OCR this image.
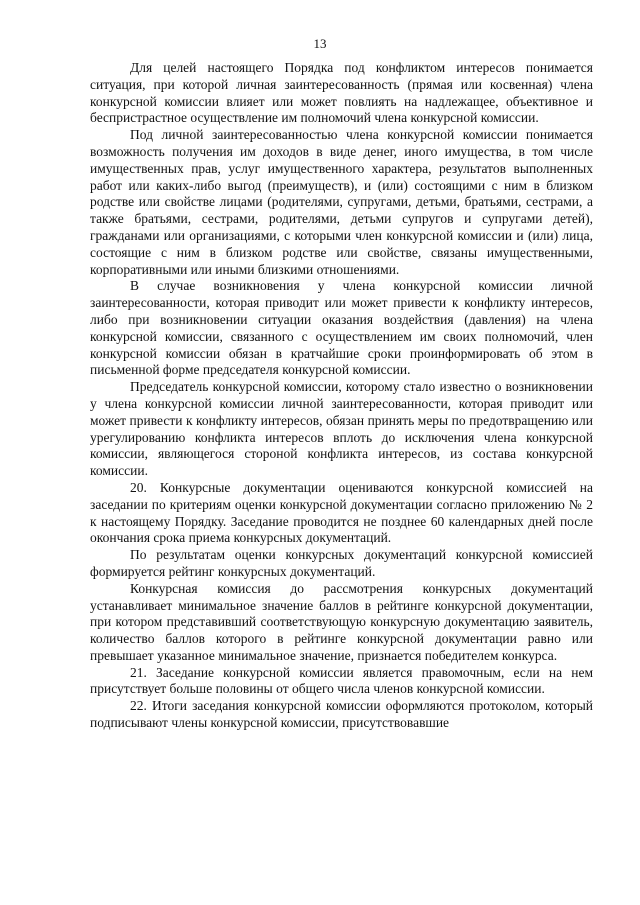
13

Для целей настоящего Порядка под конфликтом интересов понимается ситуация, при которой личная заинтересованность (прямая или косвенная) члена конкурсной комиссии влияет или может повлиять на надлежащее, объективное и беспристрастное осуществление им полномочий члена конкурсной комиссии.

Под личной заинтересованностью члена конкурсной комиссии понимается возможность получения им доходов в виде денег, иного имущества, в том числе имущественных прав, услуг имущественного характера, результатов выполненных работ или каких-либо выгод (преимуществ), и (или) состоящими с ним в близком родстве или свойстве лицами (родителями, супругами, детьми, братьями, сестрами, а также братьями, сестрами, родителями, детьми супругов и супругами детей), гражданами или организациями, с которыми член конкурсной комиссии и (или) лица, состоящие с ним в близком родстве или свойстве, связаны имущественными, корпоративными или иными близкими отношениями.

В случае возникновения у члена конкурсной комиссии личной заинтересованности, которая приводит или может привести к конфликту интересов, либо при возникновении ситуации оказания воздействия (давления) на члена конкурсной комиссии, связанного с осуществлением им своих полномочий, член конкурсной комиссии обязан в кратчайшие сроки проинформировать об этом в письменной форме председателя конкурсной комиссии.

Председатель конкурсной комиссии, которому стало известно о возникновении у члена конкурсной комиссии личной заинтересованности, которая приводит или может привести к конфликту интересов, обязан принять меры по предотвращению или урегулированию конфликта интересов вплоть до исключения члена конкурсной комиссии, являющегося стороной конфликта интересов, из состава конкурсной комиссии.

20. Конкурсные документации оцениваются конкурсной комиссией на заседании по критериям оценки конкурсной документации согласно приложению № 2 к настоящему Порядку. Заседание проводится не позднее 60 календарных дней после окончания срока приема конкурсных документаций.

По результатам оценки конкурсных документаций конкурсной комиссией формируется рейтинг конкурсных документаций.

Конкурсная комиссия до рассмотрения конкурсных документаций устанавливает минимальное значение баллов в рейтинге конкурсной документации, при котором представивший соответствующую конкурсную документацию заявитель, количество баллов которого в рейтинге конкурсной документации равно или превышает указанное минимальное значение, признается победителем конкурса.

21. Заседание конкурсной комиссии является правомочным, если на нем присутствует больше половины от общего числа членов конкурсной комиссии.

22. Итоги заседания конкурсной комиссии оформляются протоколом, который подписывают члены конкурсной комиссии, присутствовавшие
